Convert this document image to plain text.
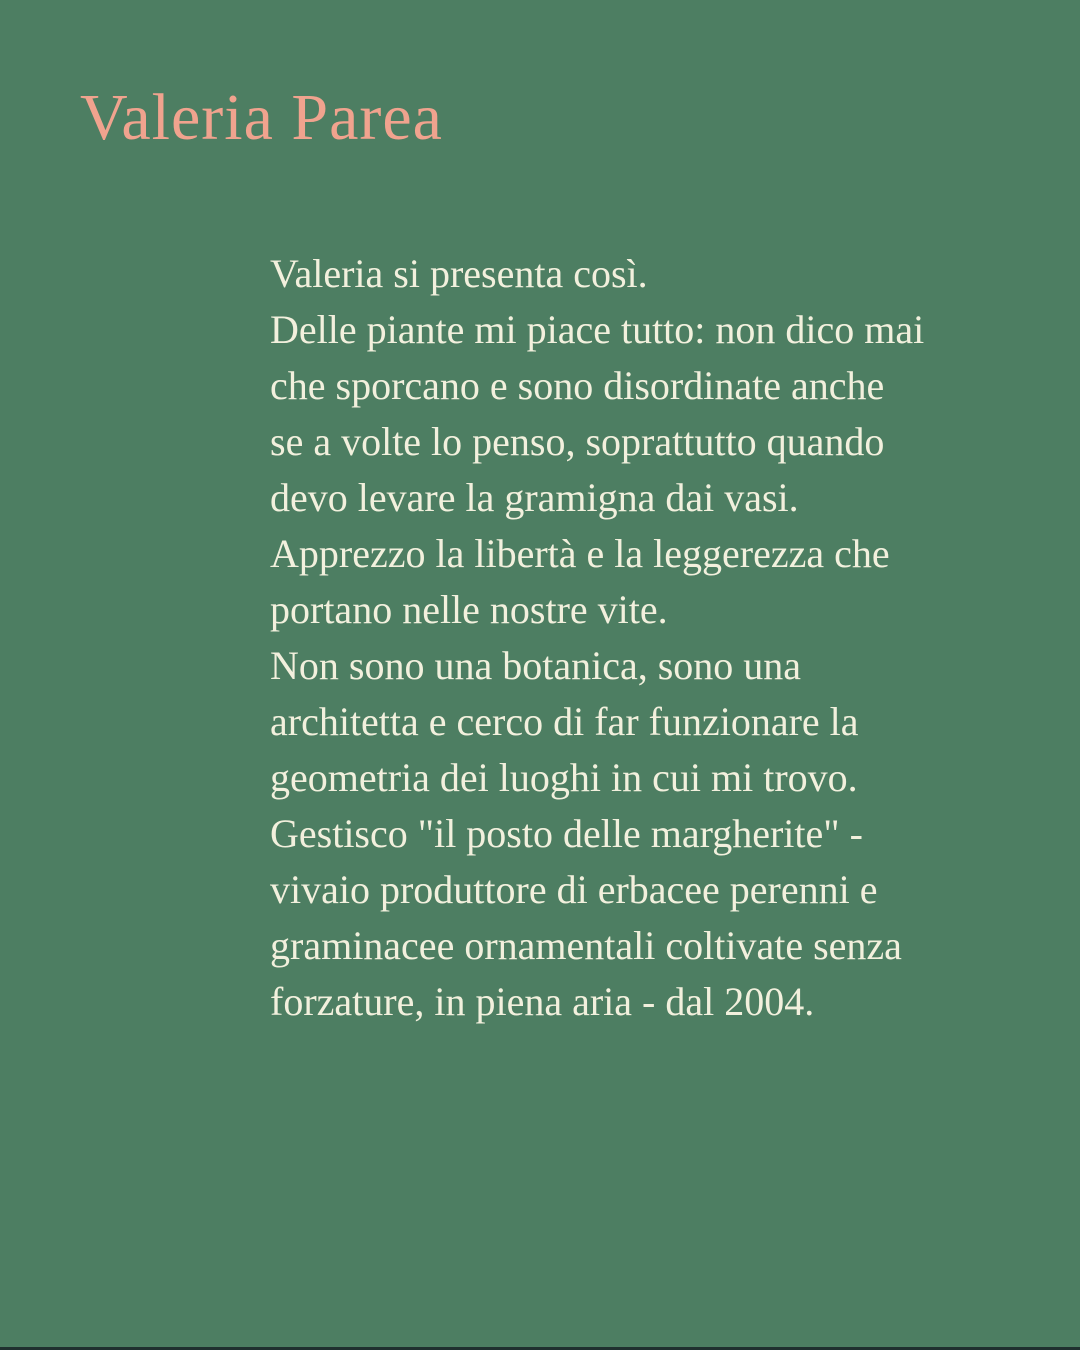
Valeria Parea
Valeria si presenta così.
Delle piante mi piace tutto: non dico mai
che sporcano e sono disordinate anche
se a volte lo penso, soprattutto quando
devo levare la gramigna dai vasi.
Apprezzo la libertà e la leggerezza che
portano nelle nostre vite.
Non sono una botanica, sono una
architetta e cerco di far funzionare la
geometria dei luoghi in cui mi trovo.
Gestisco "il posto delle margherite" -
vivaio produttore di erbacee perenni e
graminacee ornamentali coltivate senza
forzature, in piena aria - dal 2004.
